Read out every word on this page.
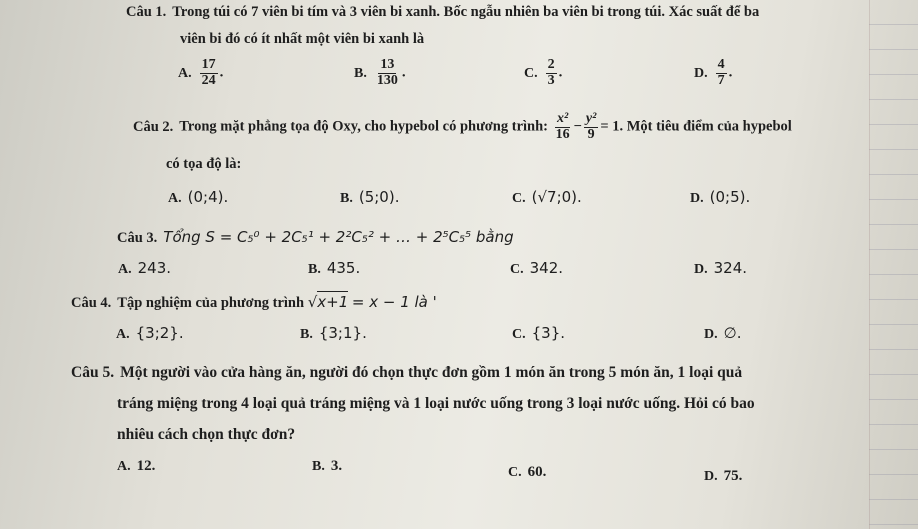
Câu 1. Trong túi có 7 viên bi tím và 3 viên bi xanh. Bốc ngẫu nhiên ba viên bi trong túi. Xác suất để ba
viên bi đó có ít nhất một viên bi xanh là
A. $\frac{17}{24}$ .	B. $\frac{13}{130}$ .	C. $\frac{2}{3}$ .	D. $\frac{4}{7}$ .
Câu 2. Trong mặt phẳng tọa độ Oxy, cho hypebol có phương trình: $\frac{\text{x²}}{16} - \frac{\text{y²}}{9} = 1$. Một tiêu điểm của hypebol
có tọa độ là:
A. (0;4).	B. (5;0).	C. (√7;0).	D. (0;5).
Câu 3. Tổng S = C₅⁰ + 2C₅¹ + 2²C₅² + … + 2⁵C₅⁵ bằng
A. 243.	B. 435.	C. 342.	D. 324.
Câu 4. Tập nghiệm của phương trình √x+1 = x − 1 là '
A. {3;2}.	B. {3;1}.	C. {3}.	D. ∅.
Câu 5. Một người vào cửa hàng ăn, người đó chọn thực đơn gồm 1 món ăn trong 5 món ăn, 1 loại quả
tráng miệng trong 4 loại quả tráng miệng và 1 loại nước uống trong 3 loại nước uống. Hỏi có bao
nhiêu cách chọn thực đơn?
A. 12.	B. 3.	C. 60.	D. 75.
